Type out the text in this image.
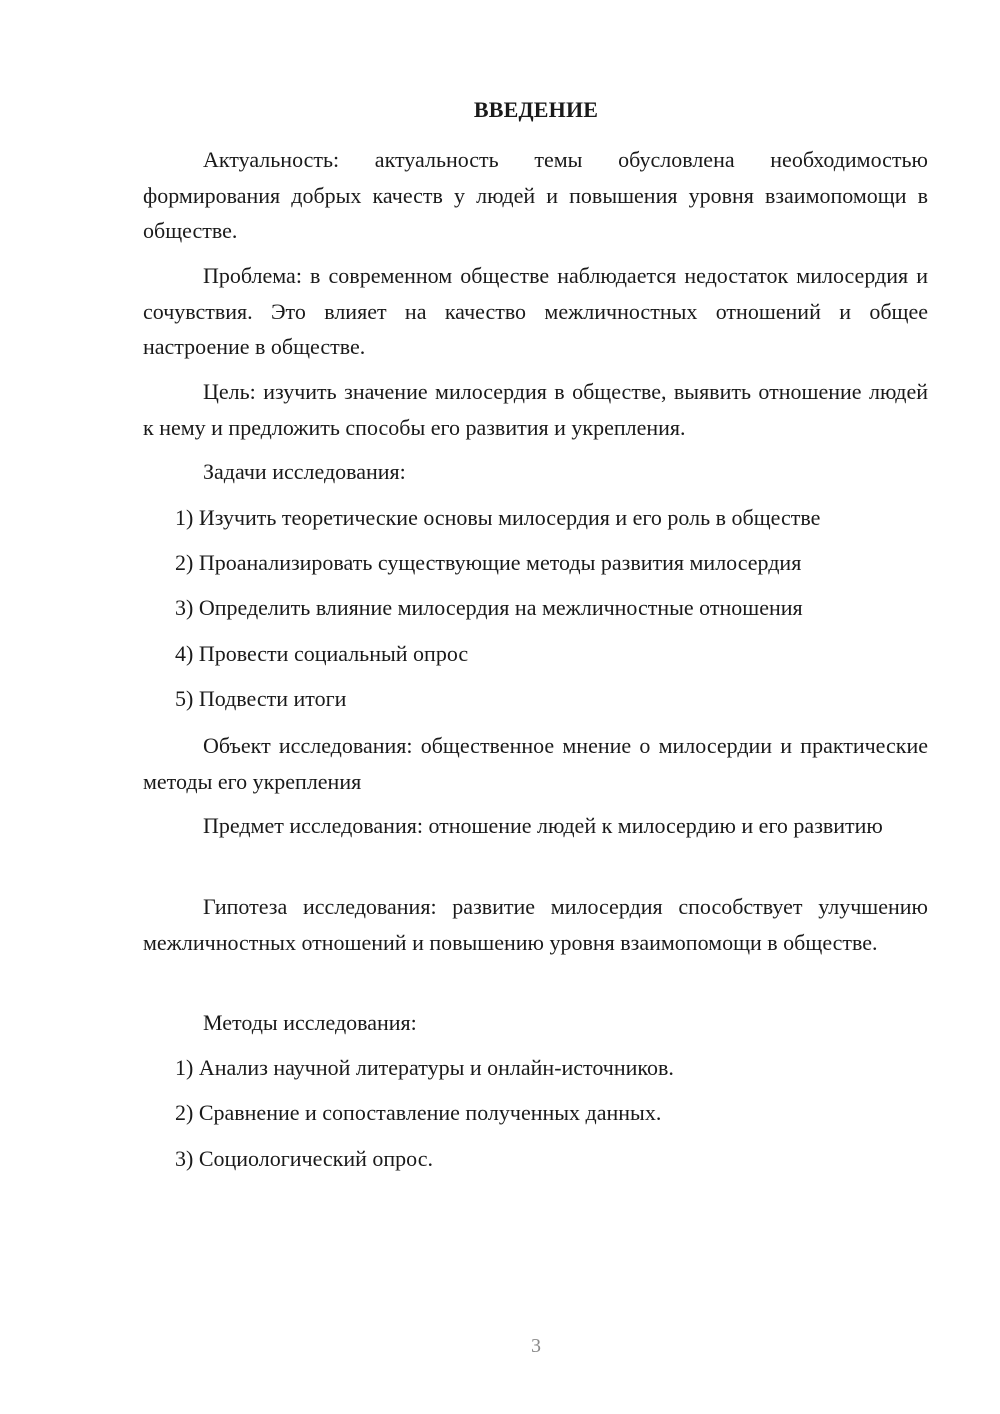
ВВЕДЕНИЕ

Актуальность: актуальность темы обусловлена необходимостью формирования добрых качеств у людей и повышения уровня взаимопомощи в обществе.

Проблема: в современном обществе наблюдается недостаток милосердия и сочувствия. Это влияет на качество межличностных отношений и общее настроение в обществе.

Цель: изучить значение милосердия в обществе, выявить отношение людей к нему и предложить способы его развития и укрепления.

Задачи исследования:

1) Изучить теоретические основы милосердия и его роль в обществе

2) Проанализировать существующие методы развития милосердия

3) Определить влияние милосердия на межличностные отношения

4) Провести социальный опрос

5) Подвести итоги

Объект исследования: общественное мнение о милосердии и практические методы его укрепления

Предмет исследования: отношение людей к милосердию и его развитию

Гипотеза исследования: развитие милосердия способствует улучшению межличностных отношений и повышению уровня взаимопомощи в обществе.

Методы исследования:

1) Анализ научной литературы и онлайн-источников.

2) Сравнение и сопоставление полученных данных.

3) Социологический опрос.

3
